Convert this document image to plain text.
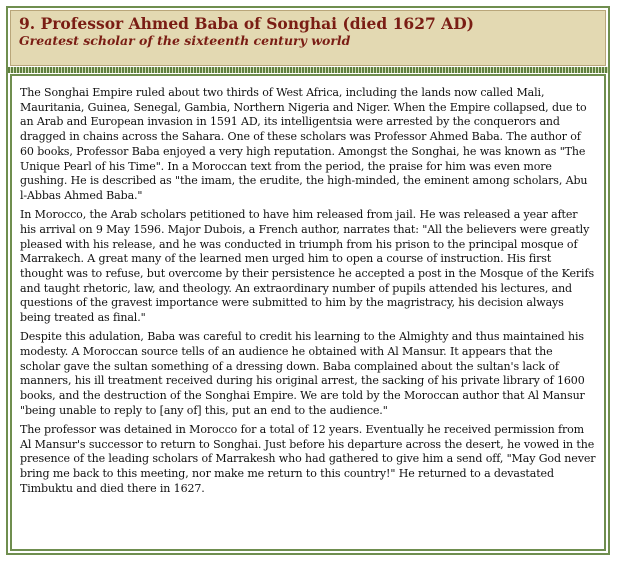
9. Professor Ahmed Baba of Songhai (died 1627 AD)
Greatest scholar of the sixteenth century world

The Songhai Empire ruled about two thirds of West Africa, including the lands now called Mali, Mauritania, Guinea, Senegal, Gambia, Northern Nigeria and Niger. When the Empire collapsed, due to an Arab and European invasion in 1591 AD, its intelligentsia were arrested by the conquerors and dragged in chains across the Sahara. One of these scholars was Professor Ahmed Baba. The author of 60 books, Professor Baba enjoyed a very high reputation. Amongst the Songhai, he was known as "The Unique Pearl of his Time". In a Moroccan text from the period, the praise for him was even more gushing. He is described as "the imam, the erudite, the high-minded, the eminent among scholars, Abu l-Abbas Ahmed Baba."

In Morocco, the Arab scholars petitioned to have him released from jail. He was released a year after his arrival on 9 May 1596. Major Dubois, a French author, narrates that: "All the believers were greatly pleased with his release, and he was conducted in triumph from his prison to the principal mosque of Marrakech. A great many of the learned men urged him to open a course of instruction. His first thought was to refuse, but overcome by their persistence he accepted a post in the Mosque of the Kerifs and taught rhetoric, law, and theology. An extraordinary number of pupils attended his lectures, and questions of the gravest importance were submitted to him by the magristracy, his decision always being treated as final."

Despite this adulation, Baba was careful to credit his learning to the Almighty and thus maintained his modesty. A Moroccan source tells of an audience he obtained with Al Mansur. It appears that the scholar gave the sultan something of a dressing down. Baba complained about the sultan's lack of manners, his ill treatment received during his original arrest, the sacking of his private library of 1600 books, and the destruction of the Songhai Empire. We are told by the Moroccan author that Al Mansur "being unable to reply to [any of] this, put an end to the audience."

The professor was detained in Morocco for a total of 12 years. Eventually he received permission from Al Mansur's successor to return to Songhai. Just before his departure across the desert, he vowed in the presence of the leading scholars of Marrakesh who had gathered to give him a send off, "May God never bring me back to this meeting, nor make me return to this country!" He returned to a devastated Timbuktu and died there in 1627.
